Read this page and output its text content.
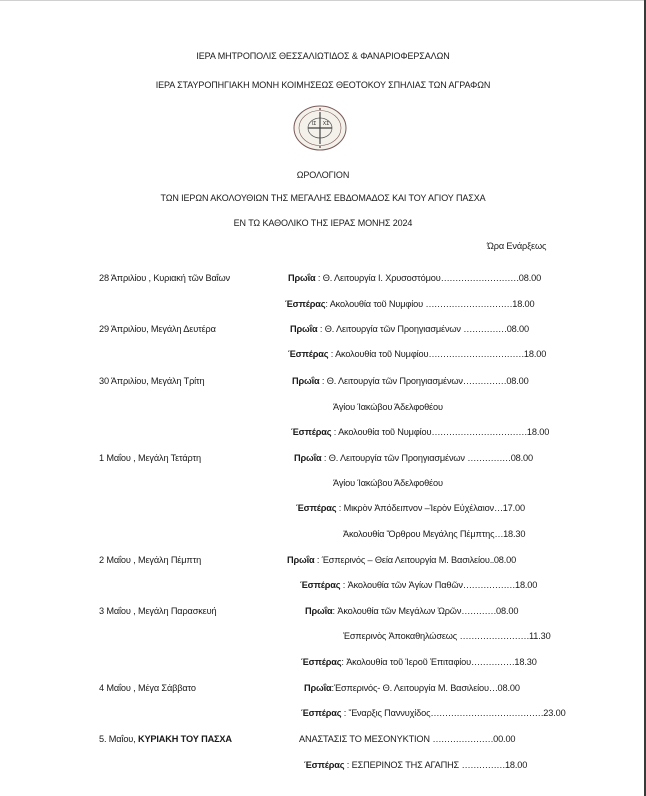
ΙΕΡΑ ΜΗΤΡΟΠΟΛΙΣ ΘΕΣΣΑΛΙΩΤΙΔΟΣ & ΦΑΝΑΡΙΟΦΕΡΣΑΛΩΝ
ΙΕΡΑ ΣΤΑΥΡΟΠΗΓΙΑΚΗ ΜΟΝΗ ΚΟΙΜΗΣΕΩΣ ΘΕΟΤΟΚΟΥ ΣΠΗΛΙΑΣ ΤΩΝ ΑΓΡΑΦΩΝ
ΙΣ ΧΣ
ΩΡΟΛΟΓΙΟΝ
ΤΩΝ ΙΕΡΩΝ ΑΚΟΛΟΥΘΙΩΝ ΤΗΣ ΜΕΓΑΛΗΣ ΕΒΔΟΜΑΔΟΣ ΚΑΙ ΤΟΥ ΑΓΙΟΥ ΠΑΣΧΑ
ΕΝ ΤΩ ΚΑΘΟΛΙΚΟ ΤΗΣ ΙΕΡΑΣ ΜΟΝΗΣ 2024
Ώρα Ενάρξεως
28 Άπριλίου , Κυριακή τῶν Βαΐων	Πρωΐα : Θ. Λειτουργία Ι. Χρυσοστόμου………………………08.00
Έσπέρας: Ακολουθία τοῦ Νυμφίου …………………………18.00
29 Άπριλίου, Μεγάλη Δευτέρα	Πρωΐα : Θ. Λειτουργία τῶν Προηγιασμένων ……………08.00
Έσπέρας : Ακολουθία τοῦ Νυμφίου……………………………18.00
30 Άπριλίου, Μεγάλη Τρίτη	Πρωΐα : Θ. Λειτουργία τῶν Προηγιασμένων……………08.00
Άγίου Ίακώβου Άδελφοθέου
Έσπέρας : Ακολουθία τοῦ Νυμφίου……………………………18.00
1 Μαΐου , Μεγάλη Τετάρτη	Πρωΐα : Θ. Λειτουργία τῶν Προηγιασμένων ……………08.00
Άγίου Ίακώβου Άδελφοθέου
Έσπέρας : Μικρὸν Ἀπόδειπνον –Ἱερὸν Εὐχέλαιον…17.00
Ἀκολουθία Ὄρθρου Μεγάλης Πέμπτης…18.30
2 Μαΐου , Μεγάλη Πέμπτη	Πρωΐα : Έσπερινός – Θεία Λειτουργία Μ. Βασιλείου..08.00
Έσπέρας : Ἀκολουθία τῶν Ἁγίων Παθῶν………………18.00
3 Μαΐου , Μεγάλη Παρασκευή	Πρωΐα: Ἀκολουθία τῶν Μεγάλων Ὡρῶν…………08.00
Ἑσπερινὸς Ἀποκαθηλώσεως ……………………11.30
Έσπέρας: Ἀκολουθία τοῦ Ἱεροῦ Ἐπιταφίου……………18.30
4 Μαΐου , Μέγα Σάββατο	Πρωΐα:Έσπερινός- Θ. Λειτουργία Μ. Βασιλείου…08.00
Έσπέρας : Ἔναρξις Παννυχίδος…………………………………23.00
5. Μαΐου, ΚΥΡΙΑΚΗ ΤΟΥ ΠΑΣΧΑ	ΑΝΑΣΤΑΣΙΣ ΤΟ ΜΕΣΟΝΥΚΤΙΟΝ …………………00.00
Έσπέρας : ΕΣΠΕΡΙΝΟΣ ΤΗΣ ΑΓΑΠΗΣ ……………18.00
